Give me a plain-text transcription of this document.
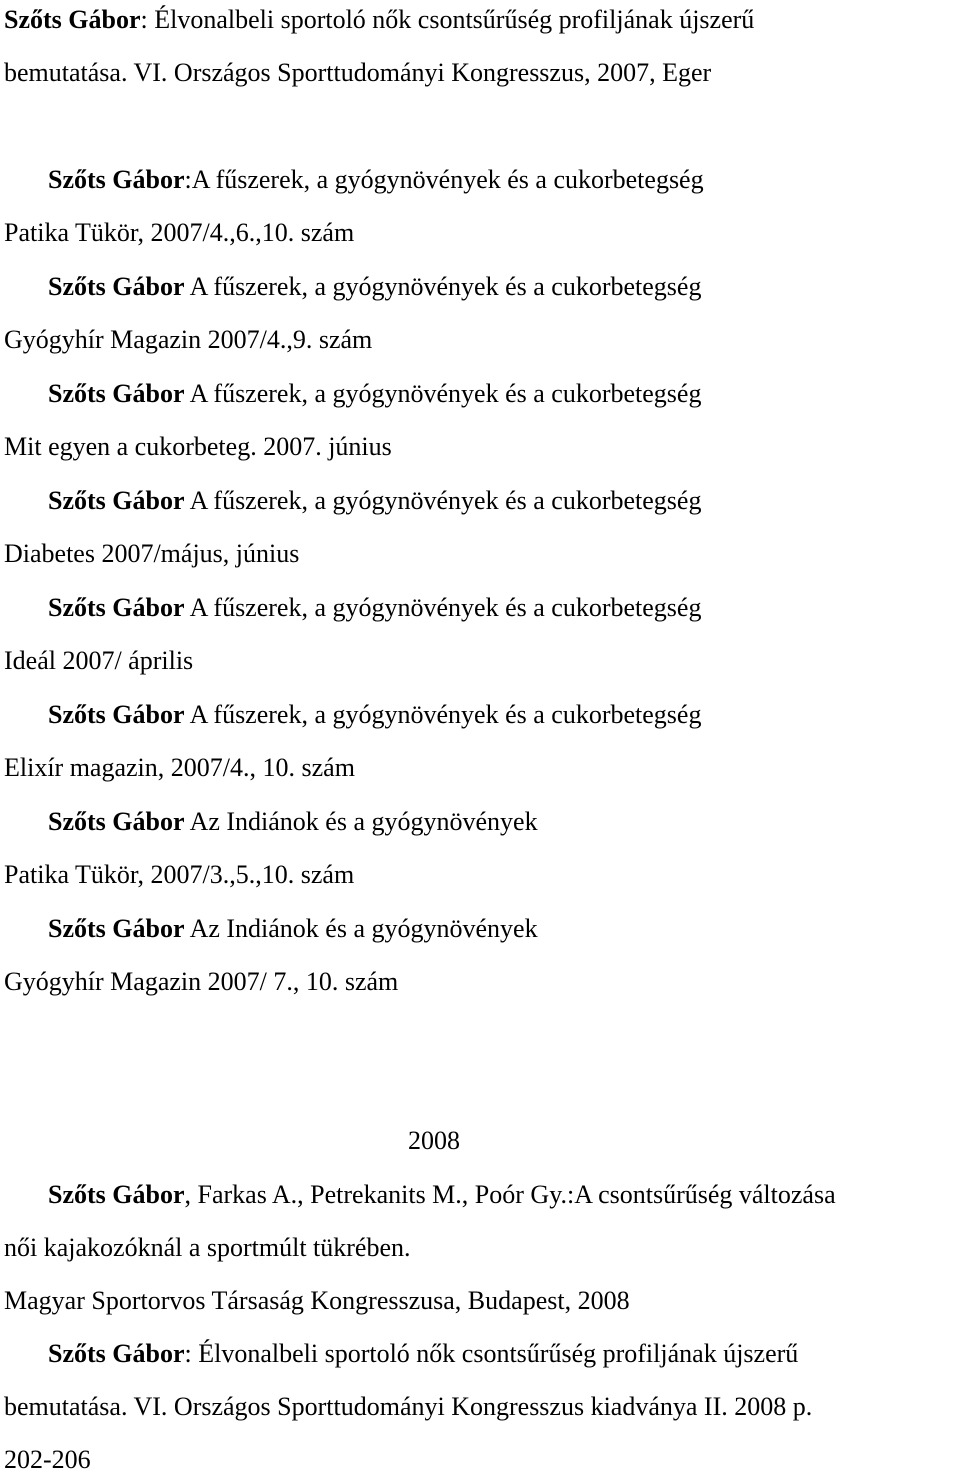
Szőts Gábor: Élvonalbeli sportoló nők csontsűrűség profiljának újszerű
bemutatása. VI. Országos Sporttudományi Kongresszus, 2007, Eger
Szőts Gábor:A fűszerek, a gyógynövények és a cukorbetegség
Patika Tükör, 2007/4.,6.,10. szám
Szőts Gábor A fűszerek, a gyógynövények és a cukorbetegség
Gyógyhír Magazin 2007/4.,9. szám
Szőts Gábor A fűszerek, a gyógynövények és a cukorbetegség
Mit egyen a cukorbeteg. 2007. június
Szőts Gábor A fűszerek, a gyógynövények és a cukorbetegség
Diabetes 2007/május, június
Szőts Gábor A fűszerek, a gyógynövények és a cukorbetegség
Ideál 2007/ április
Szőts Gábor A fűszerek, a gyógynövények és a cukorbetegség
Elixír magazin, 2007/4., 10. szám
Szőts Gábor Az Indiánok és a gyógynövények
Patika Tükör, 2007/3.,5.,10. szám
Szőts Gábor Az Indiánok és a gyógynövények
Gyógyhír Magazin 2007/ 7., 10. szám
2008
Szőts Gábor, Farkas A., Petrekanits M., Poór Gy.:A csontsűrűség változása
női kajakozóknál a sportmúlt tükrében.
Magyar Sportorvos Társaság Kongresszusa, Budapest, 2008
Szőts Gábor: Élvonalbeli sportoló nők csontsűrűség profiljának újszerű
bemutatása. VI. Országos Sporttudományi Kongresszus kiadványa II. 2008 p.
202-206
